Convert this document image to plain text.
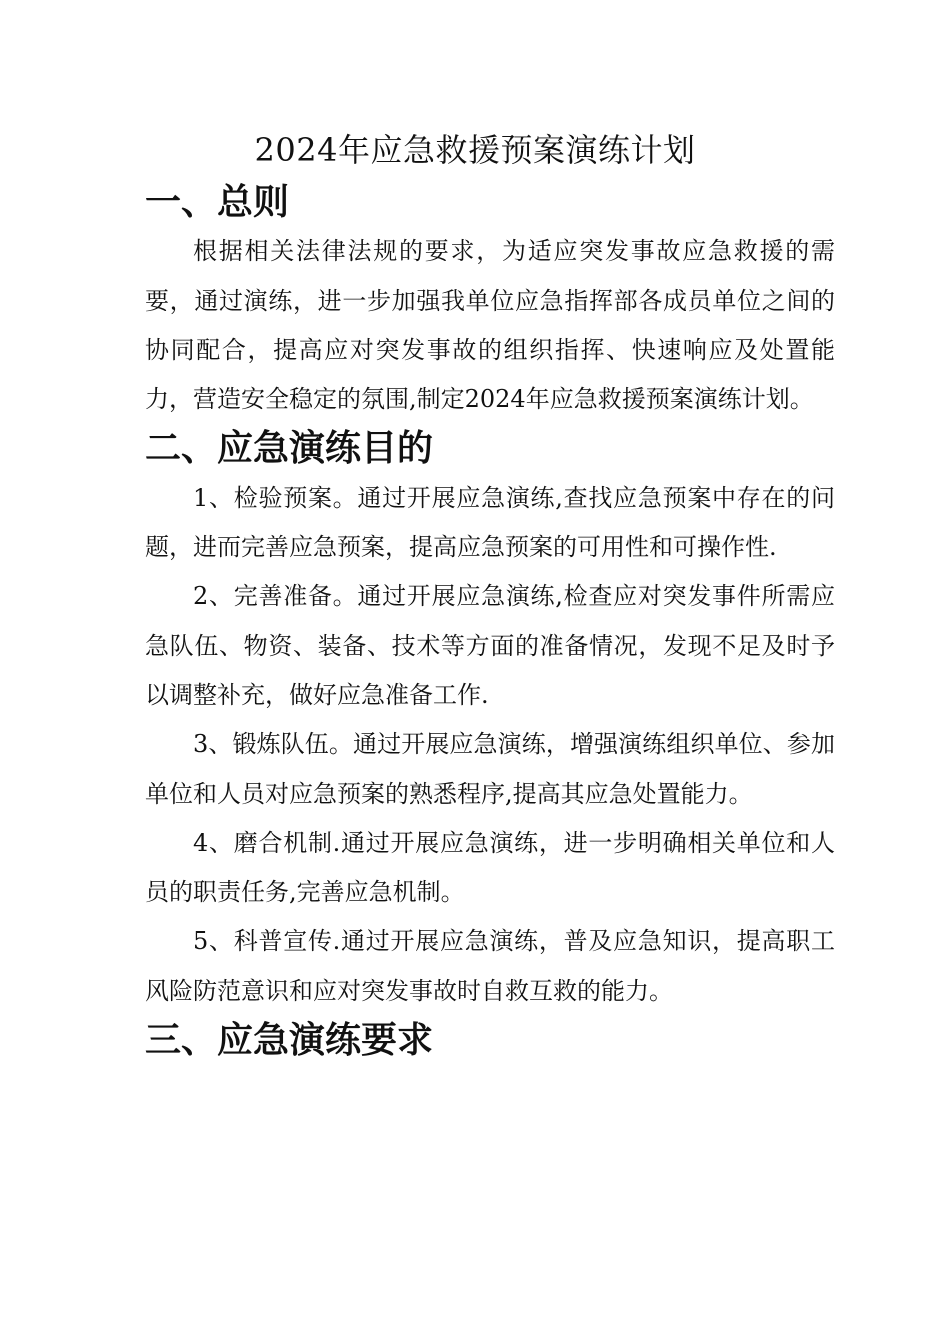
2024年应急救援预案演练计划
一、总则

根据相关法律法规的要求，为适应突发事故应急救援的需要，通过演练，进一步加强我单位应急指挥部各成员单位之间的协同配合，提高应对突发事故的组织指挥、快速响应及处置能力，营造安全稳定的氛围,制定2024年应急救援预案演练计划。

二、应急演练目的

1、检验预案。通过开展应急演练,查找应急预案中存在的问题，进而完善应急预案，提高应急预案的可用性和可操作性.

2、完善准备。通过开展应急演练,检查应对突发事件所需应急队伍、物资、装备、技术等方面的准备情况，发现不足及时予以调整补充，做好应急准备工作.

3、锻炼队伍。通过开展应急演练，增强演练组织单位、参加单位和人员对应急预案的熟悉程序,提高其应急处置能力。

4、磨合机制.通过开展应急演练，进一步明确相关单位和人员的职责任务,完善应急机制。

5、科普宣传.通过开展应急演练，普及应急知识，提高职工风险防范意识和应对突发事故时自救互救的能力。

三、应急演练要求
